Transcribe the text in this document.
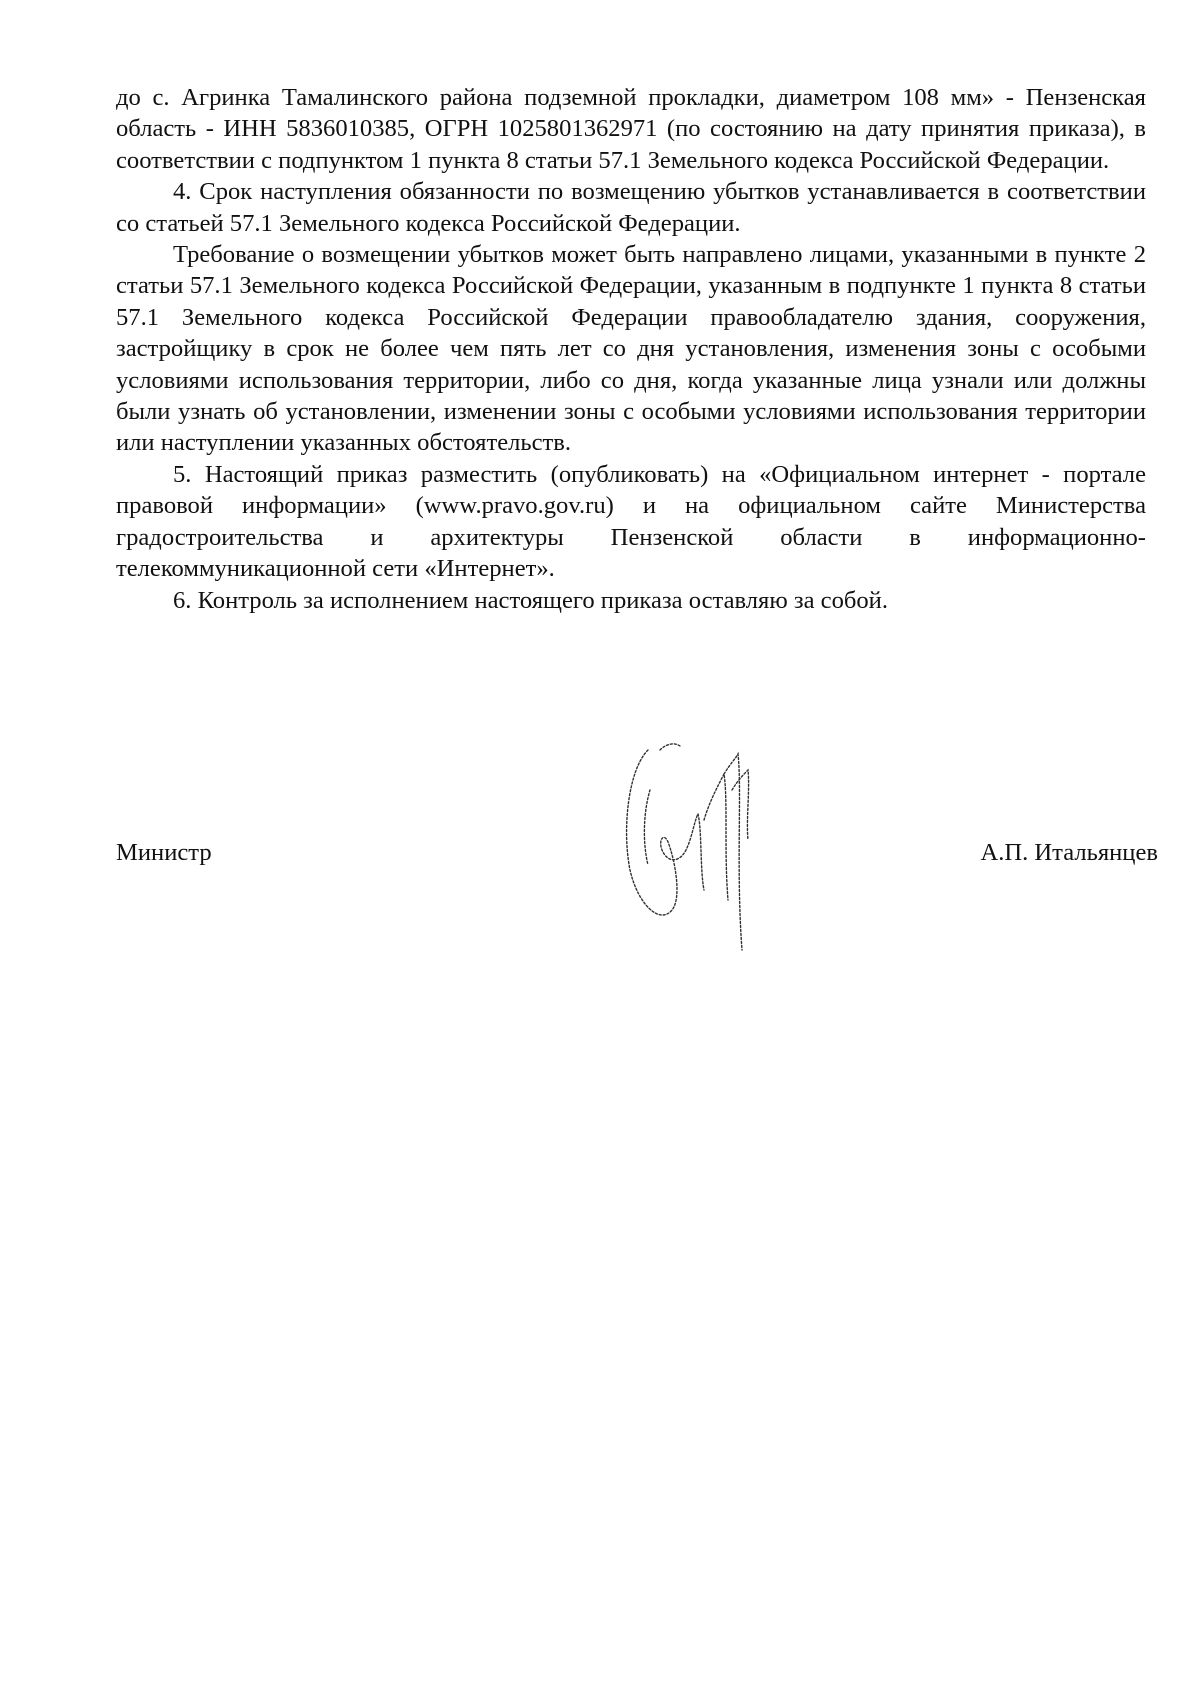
до с. Агринка Тамалинского района подземной прокладки, диаметром 108 мм» - Пензенская область - ИНН 5836010385, ОГРН 1025801362971 (по состоянию на дату принятия приказа), в соответствии с подпунктом 1 пункта 8 статьи 57.1 Земельного кодекса Российской Федерации.

4. Срок наступления обязанности по возмещению убытков устанавливается в соответствии со статьей 57.1 Земельного кодекса Российской Федерации.

Требование о возмещении убытков может быть направлено лицами, указанными в пункте 2 статьи 57.1 Земельного кодекса Российской Федерации, указанным в подпункте 1 пункта 8 статьи 57.1 Земельного кодекса Российской Федерации правообладателю здания, сооружения, застройщику в срок не более чем пять лет со дня установления, изменения зоны с особыми условиями использования территории, либо со дня, когда указанные лица узнали или должны были узнать об установлении, изменении зоны с особыми условиями использования территории или наступлении указанных обстоятельств.

5. Настоящий приказ разместить (опубликовать) на «Официальном интернет - портале правовой информации» (www.pravo.gov.ru) и на официальном сайте Министерства градостроительства и архитектуры Пензенской области в информационно-телекоммуникационной сети «Интернет».

6. Контроль за исполнением настоящего приказа оставляю за собой.

Министр	А.П. Итальянцев
